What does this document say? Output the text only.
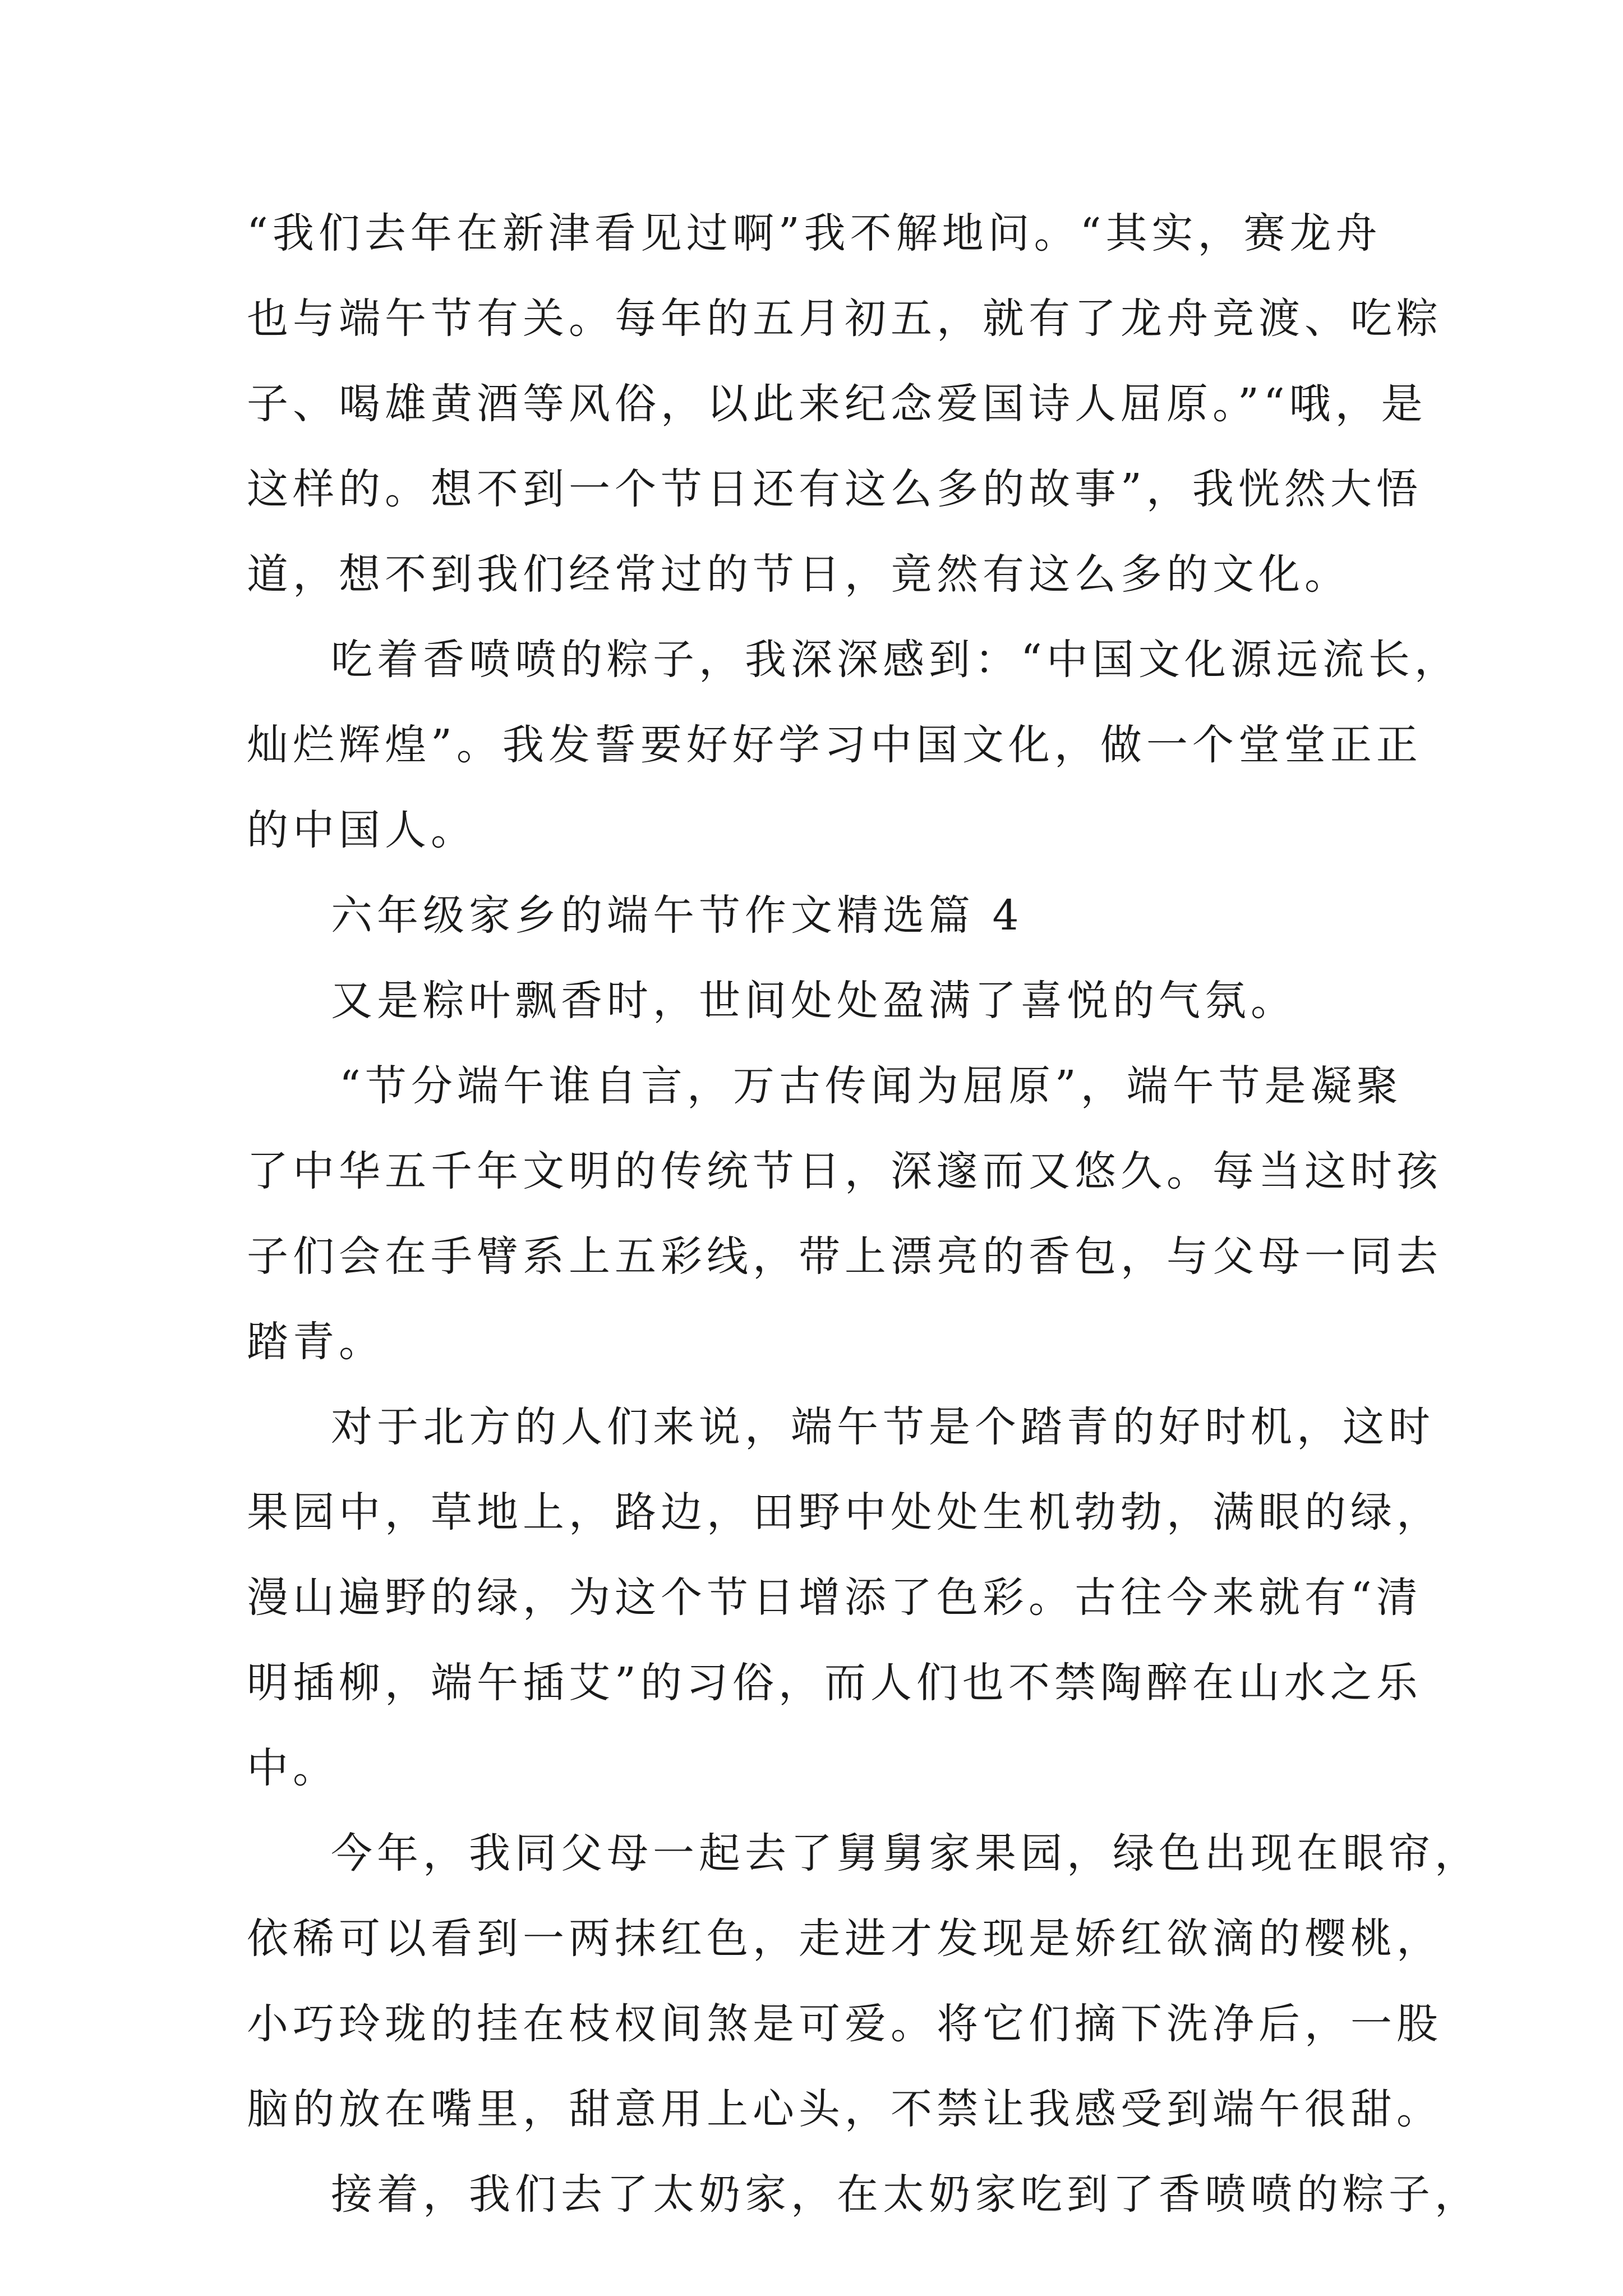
“我们去年在新津看见过啊”我不解地问。“其实，赛龙舟
也与端午节有关。每年的五月初五，就有了龙舟竞渡、吃粽
子、喝雄黄酒等风俗，以此来纪念爱国诗人屈原。”“哦，是
这样的。想不到一个节日还有这么多的故事”，我恍然大悟
道，想不到我们经常过的节日，竟然有这么多的文化。
吃着香喷喷的粽子，我深深感到：“中国文化源远流长，
灿烂辉煌”。我发誓要好好学习中国文化，做一个堂堂正正
的中国人。
六年级家乡的端午节作文精选篇 4
又是粽叶飘香时，世间处处盈满了喜悦的气氛。
“节分端午谁自言，万古传闻为屈原”，端午节是凝聚
了中华五千年文明的传统节日，深邃而又悠久。每当这时孩
子们会在手臂系上五彩线，带上漂亮的香包，与父母一同去
踏青。
对于北方的人们来说，端午节是个踏青的好时机，这时
果园中，草地上，路边，田野中处处生机勃勃，满眼的绿，
漫山遍野的绿，为这个节日增添了色彩。古往今来就有“清
明插柳，端午插艾”的习俗，而人们也不禁陶醉在山水之乐
中。
今年，我同父母一起去了舅舅家果园，绿色出现在眼帘，
依稀可以看到一两抹红色，走进才发现是娇红欲滴的樱桃，
小巧玲珑的挂在枝杈间煞是可爱。将它们摘下洗净后，一股
脑的放在嘴里，甜意用上心头，不禁让我感受到端午很甜。
接着，我们去了太奶家，在太奶家吃到了香喷喷的粽子，
